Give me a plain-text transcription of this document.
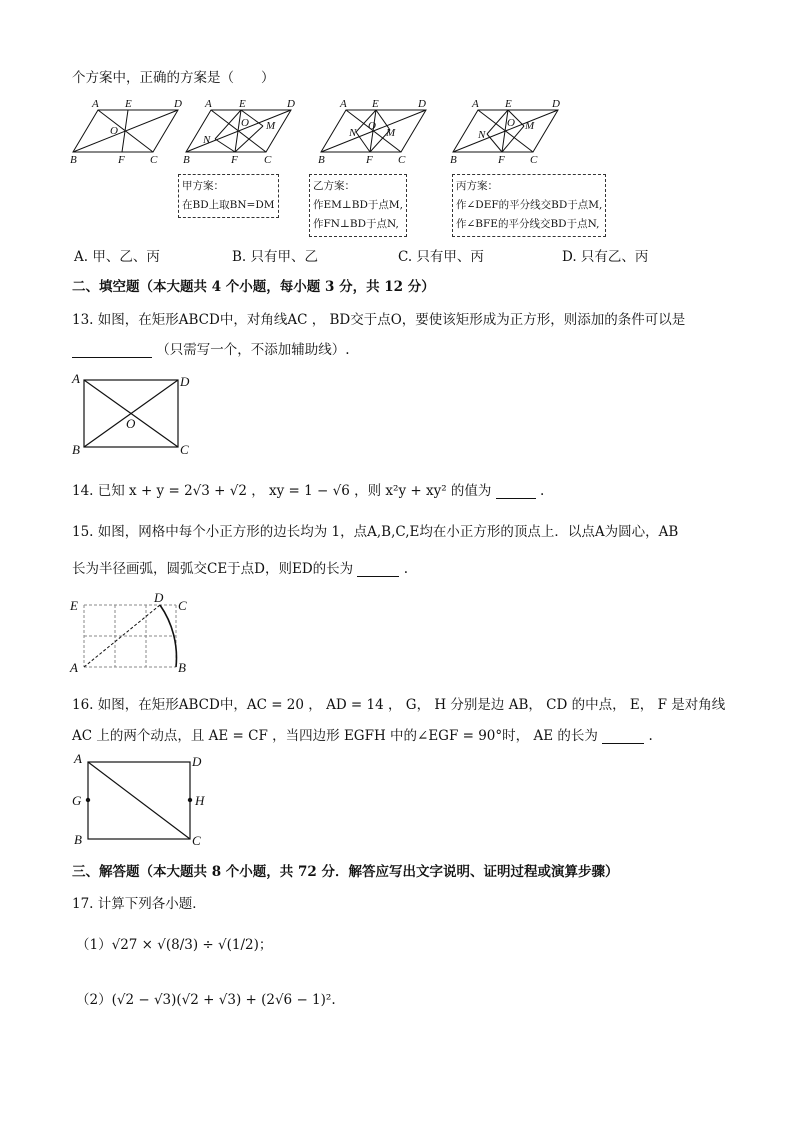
个方案中，正确的方案是（　　）
A E	D
B	F C
O
A E	D
B	F C
O
N
M
A E	D
B	F C
O
N	M
A E	D
B	F C
O
N
M
甲方案：
在BD上取BN=DM
乙方案：
作EM⊥BD于点M,
作FN⊥BD于点N,
丙方案：
作∠DEF的平分线交BD于点M,
作∠BFE的平分线交BD于点N,
A. 甲、乙、丙	B. 只有甲、乙	C. 只有甲、丙	D. 只有乙、丙
二、填空题（本大题共 4 个小题，每小题 3 分，共 12 分）
13. 如图，在矩形ABCD中，对角线AC ， BD交于点O，要使该矩形成为正方形，则添加的条件可以是
（只需写一个，不添加辅助线）.
A	D
B	C
O
14. 已知 x + y = 2√3 + √2 ， xy = 1 − √6 ，则 x²y + xy² 的值为	.
15. 如图，网格中每个小正方形的边长均为 1，点A,B,C,E均在小正方形的顶点上．以点A为圆心，AB
长为半径画弧，圆弧交CE于点D，则ED的长为	.
E
D
C
A	B
16. 如图，在矩形ABCD中，AC = 20 ， AD = 14 ， G， H 分别是边 AB， CD 的中点， E， F 是对角线
AC 上的两个动点，且 AE = CF ，当四边形 EGFH 中的∠EGF = 90°时， AE 的长为	.
A	D
G	H
B	C
三、解答题（本大题共 8 个小题，共 72 分．解答应写出文字说明、证明过程或演算步骤）
17. 计算下列各小题．
（1）√27 × √(8/3) ÷ √(1/2)；
（2）(√2 − √3)(√2 + √3) + (2√6 − 1)².
